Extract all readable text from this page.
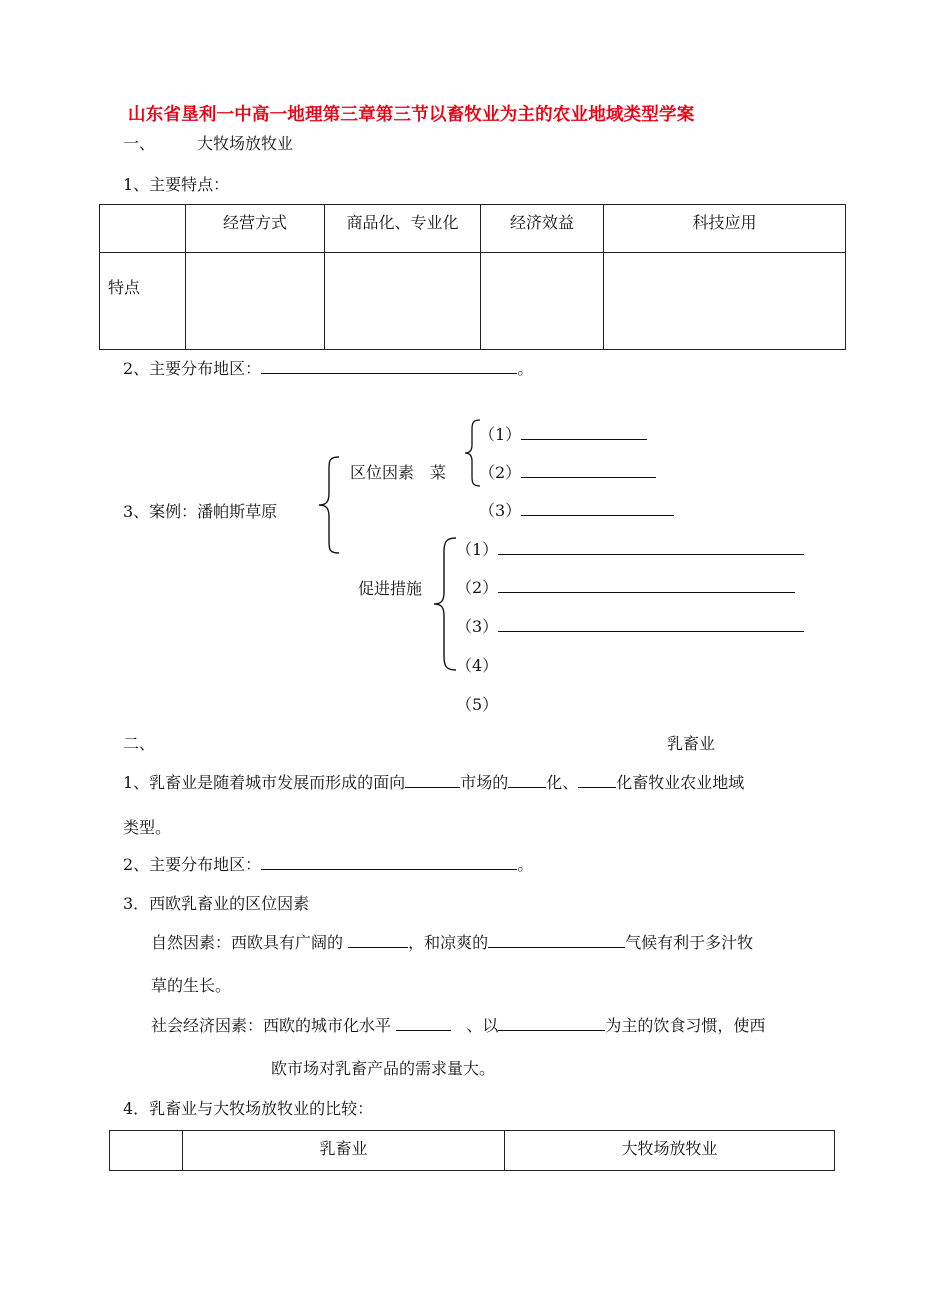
山东省垦利一中高一地理第三章第三节以畜牧业为主的农业地域类型学案
一、	大牧场放牧业
1、主要特点：
	经营方式	商品化、专业化	经济效益	科技应用
特点				
2、主要分布地区：	。
3、案例：潘帕斯草原
区位因素　菜
（1）
（2）
（3）
促进措施
（1）
（2）
（3）
（4）
（5）
二、	乳畜业
1、乳畜业是随着城市发展而形成的面向	市场的 化、 化畜牧业农业地域
类型。
2、主要分布地区：	。
3．西欧乳畜业的区位因素
自然因素：西欧具有广阔的	，和凉爽的	气候有利于多汁牧
草的生长。
社会经济因素：西欧的城市化水平	、以	为主的饮食习惯，使西
欧市场对乳畜产品的需求量大。
4．乳畜业与大牧场放牧业的比较：
	乳畜业	大牧场放牧业
